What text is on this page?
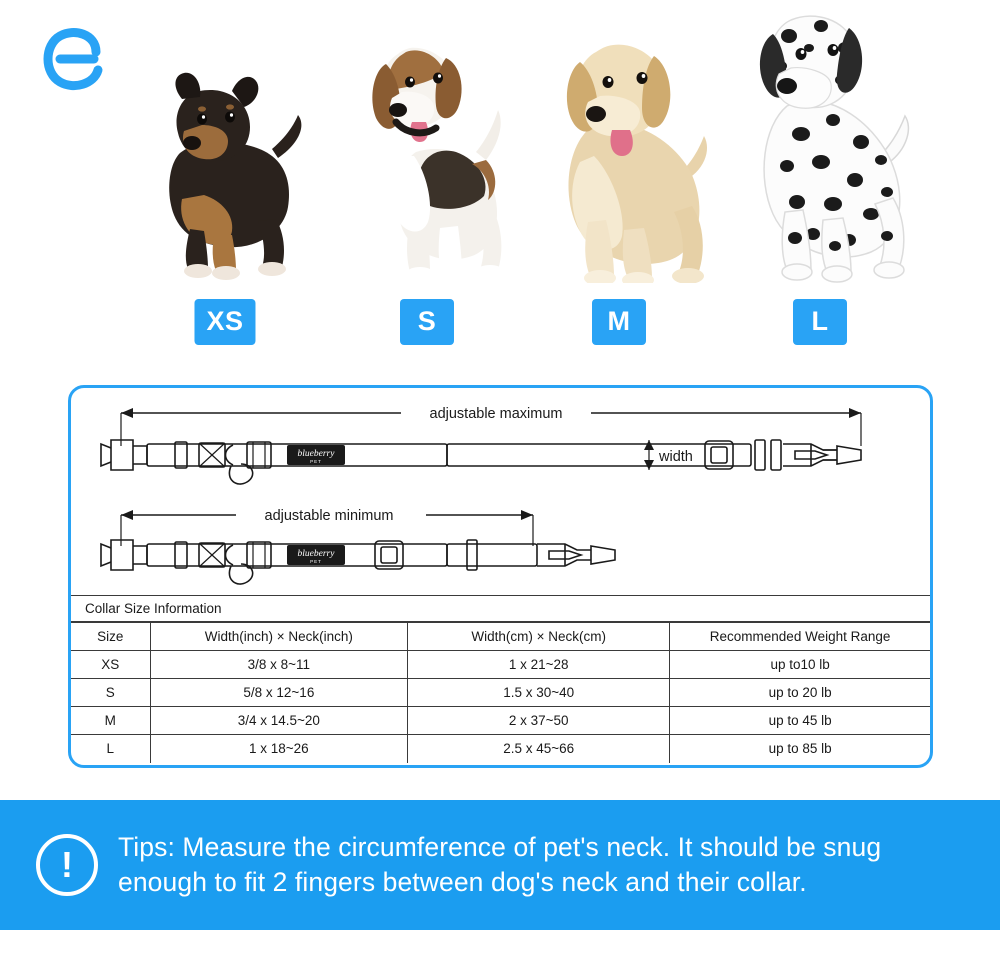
XS	S	M	L
adjustable maximum
blueberry
PET	width
adjustable minimum
blueberry
PET
Collar Size Information
Size	Width(inch) × Neck(inch)	Width(cm) × Neck(cm)	Recommended Weight Range
XS	3/8 x 8~11	1 x 21~28	up to10 lb
S	5/8 x 12~16	1.5 x 30~40	up to 20 lb
M	3/4 x 14.5~20	2 x 37~50	up to 45 lb
L	1 x 18~26	2.5 x 45~66	up to 85 lb
!	Tips: Measure the circumference of pet's neck. It should be snug enough to fit 2 fingers between dog's neck and their collar.
